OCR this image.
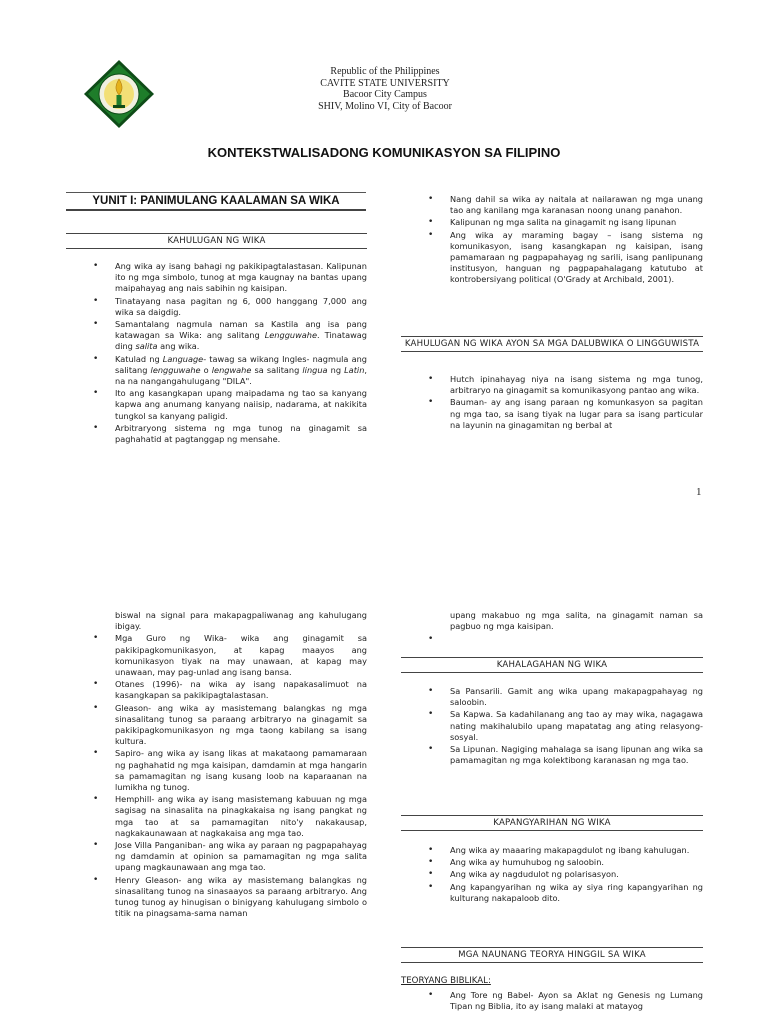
Republic of the Philippines
CAVITE STATE UNIVERSITY
Bacoor City Campus
SHIV, Molino VI, City of Bacoor
KONTEKSTWALISADONG KOMUNIKASYON SA FILIPINO
YUNIT I: PANIMULANG KAALAMAN SA WIKA
KAHULUGAN NG WIKA
• Ang wika ay isang bahagi ng pakikipagtalastasan. Kalipunan ito ng mga simbolo, tunog at mga kaugnay na bantas upang maipahayag ang nais sabihin ng kaisipan.
• Tinatayang nasa pagitan ng 6, 000 hanggang 7,000 ang wika sa daigdig.
• Samantalang nagmula naman sa Kastila ang isa pang katawagan sa Wika: ang salitang Lengguwahe. Tinatawag ding salita ang wika.
• Katulad ng Language- tawag sa wikang Ingles- nagmula ang salitang lengguwahe o lengwahe sa salitang lingua ng Latin, na na nangangahulugang "DILA".
• Ito ang kasangkapan upang maipadama ng tao sa kanyang kapwa ang anumang kanyang naiisip, nadarama, at nakikita tungkol sa kanyang paligid.
• Arbitraryong sistema ng mga tunog na ginagamit sa paghahatid at pagtanggap ng mensahe.
• Nang dahil sa wika ay naitala at nailarawan ng mga unang tao ang kanilang mga karanasan noong unang panahon.
• Kalipunan ng mga salita na ginagamit ng isang lipunan
• Ang wika ay maraming bagay – isang sistema ng komunikasyon, isang kasangkapan ng kaisipan, isang pamamaraan ng pagpapahayag ng sarili, isang panlipunang institusyon, hanguan ng pagpapahalagang katutubo at kontrobersiyang political (O'Grady at Archibald, 2001).
KAHULUGAN NG WIKA AYON SA MGA DALUBWIKA O LINGGUWISTA
• Hutch ipinahayag niya na isang sistema ng mga tunog, arbitraryo na ginagamit sa komunikasyong pantao ang wika.
• Bauman- ay ang isang paraan ng komunkasyon sa pagitan ng mga tao, sa isang tiyak na lugar para sa isang particular na layunin na ginagamitan ng berbal at
1
biswal na signal para makapagpaliwanag ang kahulugang ibigay.
• Mga Guro ng Wika- wika ang ginagamit sa pakikipagkomunikasyon, at kapag maayos ang komunikasyon tiyak na may unawaan, at kapag may unawaan, may pag-unlad ang isang bansa.
• Otanes (1996)- na wika ay isang napakasalimuot na kasangkapan sa pakikipagtalastasan.
• Gleason- ang wika ay masistemang balangkas ng mga sinasalitang tunog sa paraang arbitraryo na ginagamit sa pakikipagkomunikasyon ng mga taong kabilang sa isang kultura.
• Sapiro- ang wika ay isang likas at makataong pamamaraan ng paghahatid ng mga kaisipan, damdamin at mga hangarin sa pamamagitan ng isang kusang loob na kaparaanan na lumikha ng tunog.
• Hemphill- ang wika ay isang masistemang kabuuan ng mga sagisag na sinasalita na pinagkakaisa ng isang pangkat ng mga tao at sa pamamagitan nito'y nakakausap, nagkakaunawaan at nagkakaisa ang mga tao.
• Jose Villa Panganiban- ang wika ay paraan ng pagpapahayag ng damdamin at opinion sa pamamagitan ng mga salita upang magkaunawaan ang mga tao.
• Henry Gleason- ang wika ay masistemang balangkas ng sinasalitang tunog na sinasaayos sa paraang arbitraryo. Ang tunog tunog ay hinugisan o binigyang kahulugang simbolo o titik na pinagsama-sama naman
upang makabuo ng mga salita, na ginagamit naman sa pagbuo ng mga kaisipan.
•
KAHALAGAHAN NG WIKA
• Sa Pansarili. Gamit ang wika upang makapagpahayag ng saloobin.
• Sa Kapwa. Sa kadahilanang ang tao ay may wika, nagagawa nating makihalubilo upang mapatatag ang ating relasyong-sosyal.
• Sa Lipunan. Nagiging mahalaga sa isang lipunan ang wika sa pamamagitan ng mga kolektibong karanasan ng mga tao.
KAPANGYARIHAN NG WIKA
• Ang wika ay maaaring makapagdulot ng ibang kahulugan.
• Ang wika ay humuhubog ng saloobin.
• Ang wika ay nagdudulot ng polarisasyon.
• Ang kapangyarihan ng wika ay siya ring kapangyarihan ng kulturang nakapaloob dito.
MGA NAUNANG TEORYA HINGGIL SA WIKA
TEORYANG BIBLIKAL:
• Ang Tore ng Babel- Ayon sa Aklat ng Genesis ng Lumang Tipan ng Biblia, ito ay isang malaki at matayog
